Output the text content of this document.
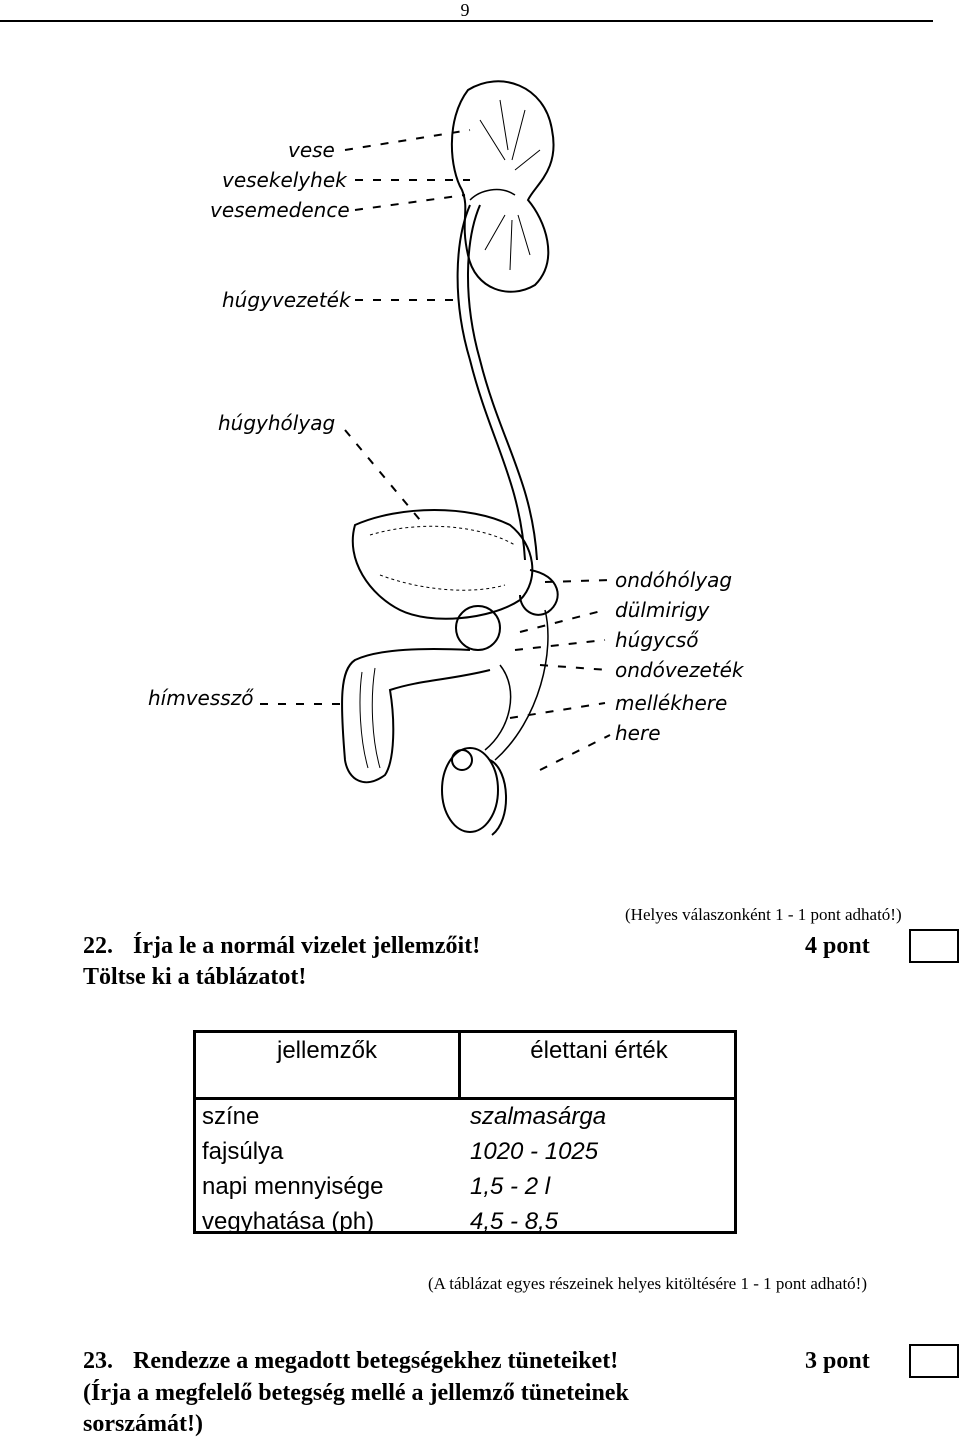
9
vese
vesekelyhek
vesemedence
húgyvezeték
húgyhólyag
hímvessző
ondóhólyag
dülmirigy
húgycső
ondóvezeték
mellékhere
here
(Helyes válaszonként 1 - 1 pont adható!)
22. Írja le a normál vizelet jellemzőit!
Töltse ki a táblázatot!
4 pont
jellemzők	élettani érték
színe	szalmasárga
fajsúlya	1020 - 1025
napi mennyisége	1,5 - 2 l
vegyhatása (ph)	4,5 - 8,5
(A táblázat egyes részeinek helyes kitöltésére 1 - 1 pont adható!)
23. Rendezze a megadott betegségekhez tüneteiket!	3 pont
(Írja a megfelelő betegség mellé a jellemző tüneteinek
sorszámát!)
